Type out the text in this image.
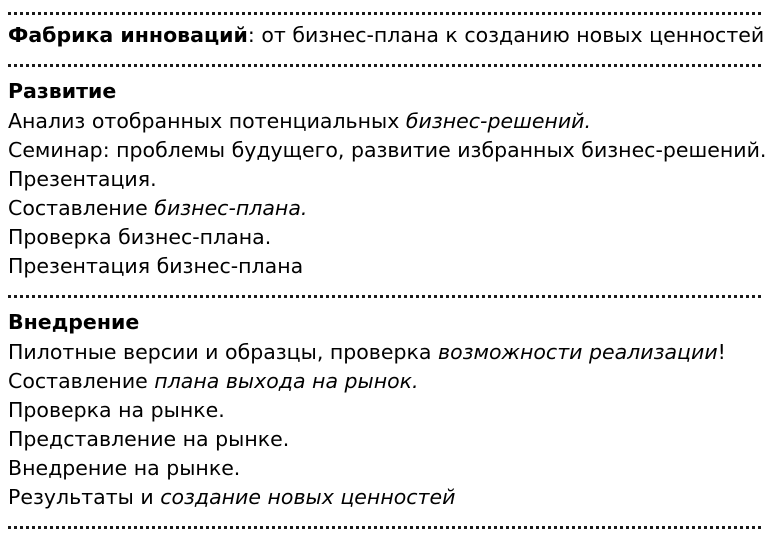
Фабрика инноваций: от бизнес-плана к созданию новых ценностей
Развитие
Анализ отобранных потенциальных бизнес-решений.
Семинар: проблемы будущего, развитие избранных бизнес-решений.
Презентация.
Составление бизнес-плана.
Проверка бизнес-плана.
Презентация бизнес-плана
Внедрение
Пилотные версии и образцы, проверка возможности реализации!
Составление плана выхода на рынок.
Проверка на рынке.
Представление на рынке.
Внедрение на рынке.
Результаты и создание новых ценностей
